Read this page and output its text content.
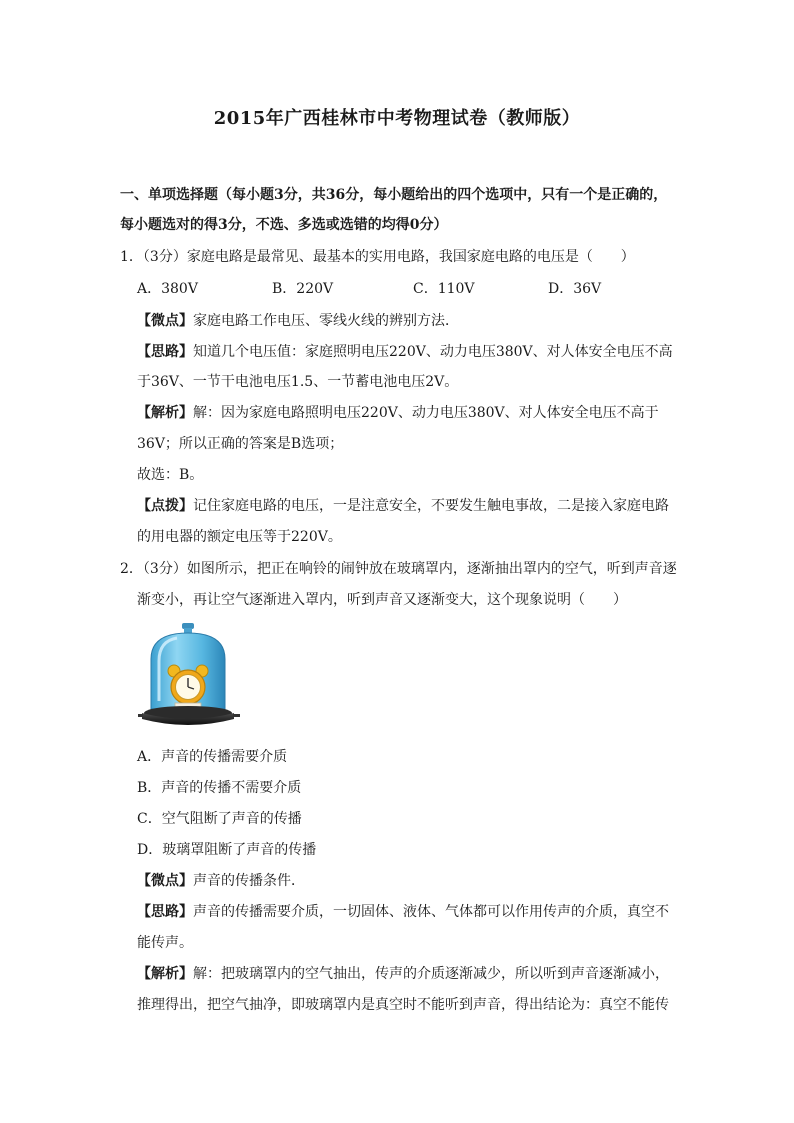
2015年广西桂林市中考物理试卷（教师版）
一、单项选择题（每小题3分，共36分，每小题给出的四个选项中，只有一个是正确的，
每小题选对的得3分，不选、多选或选错的均得0分）
1．（3分）家庭电路是最常见、最基本的实用电路，我国家庭电路的电压是（　　）
A．380V	B．220V	C．110V	D．36V
【微点】家庭电路工作电压、零线火线的辨别方法．
【思路】知道几个电压值：家庭照明电压220V、动力电压380V、对人体安全电压不高
于36V、一节干电池电压1.5、一节蓄电池电压2V。
【解析】解：因为家庭电路照明电压220V、动力电压380V、对人体安全电压不高于
36V；所以正确的答案是B选项；
故选：B。
【点拨】记住家庭电路的电压，一是注意安全，不要发生触电事故，二是接入家庭电路
的用电器的额定电压等于220V。
2．（3分）如图所示，把正在响铃的闹钟放在玻璃罩内，逐渐抽出罩内的空气，听到声音逐
渐变小，再让空气逐渐进入罩内，听到声音又逐渐变大，这个现象说明（　　）
A．声音的传播需要介质
B．声音的传播不需要介质
C．空气阻断了声音的传播
D．玻璃罩阻断了声音的传播
【微点】声音的传播条件．
【思路】声音的传播需要介质，一切固体、液体、气体都可以作用传声的介质，真空不
能传声。
【解析】解：把玻璃罩内的空气抽出，传声的介质逐渐减少，所以听到声音逐渐减小，
推理得出，把空气抽净，即玻璃罩内是真空时不能听到声音，得出结论为：真空不能传
